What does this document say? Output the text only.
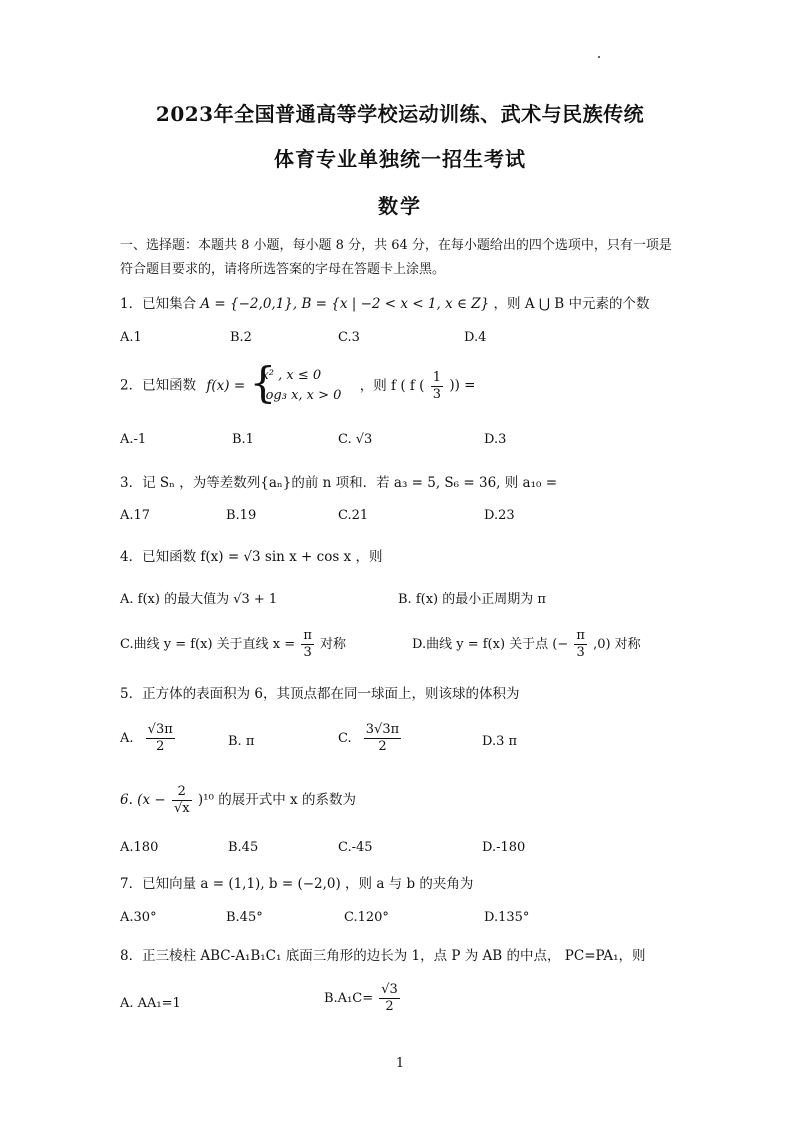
2023年全国普通高等学校运动训练、武术与民族传统
体育专业单独统一招生考试
数学
一、选择题：本题共 8 小题，每小题 8 分，共 64 分，在每小题给出的四个选项中，只有一项是符合题目要求的，请将所选答案的字母在答题卡上涂黑。
1．已知集合 A = {−2,0,1}, B = {x | −2 < x < 1, x ∈ Z} ，则 A ⋃ B 中元素的个数
A.1	B.2	C.3	D.4
2．已知函数 f(x) = {
x² , x ≤ 0
log₃ x, x > 0
，则 f ( f ( $\frac{1}{3}$ )) =
A.-1	B.1	C. √3	D.3
3．记 Sₙ ，为等差数列{aₙ}的前 n 项和．若 a₃ = 5, S₆ = 36, 则 a₁₀ =
A.17	B.19	C.21	D.23
4．已知函数 f(x) = √3 sin x + cos x ，则
A. f(x) 的最大值为 √3 + 1	B. f(x) 的最小正周期为 π
C.曲线 y = f(x) 关于直线 $x = \frac{\pi}{3}$ 对称	D.曲线 y = f(x) 关于点 (− $\frac{\pi}{3} ,0$) 对称
5．正方体的表面积为 6，其顶点都在同一球面上，则该球的体积为
A. $\frac{√3\pi}{2}$	B. π	C. $\frac{3√3\pi}{2}$	D.3 π
6. $(x - \frac{2}{√x} )^{10}$ 的展开式中 x 的系数为
A.180	B.45	C.-45	D.-180
7．已知向量 a = (1,1), b = (−2,0) ，则 a 与 b 的夹角为
A.30°	B.45°	C.120°	D.135°
8．正三棱柱 ABC-A₁B₁C₁ 底面三角形的边长为 1，点 P 为 AB 的中点， PC=PA₁，则
A. AA₁=1	$B.A_1C= \frac{√3}{2}$
1
